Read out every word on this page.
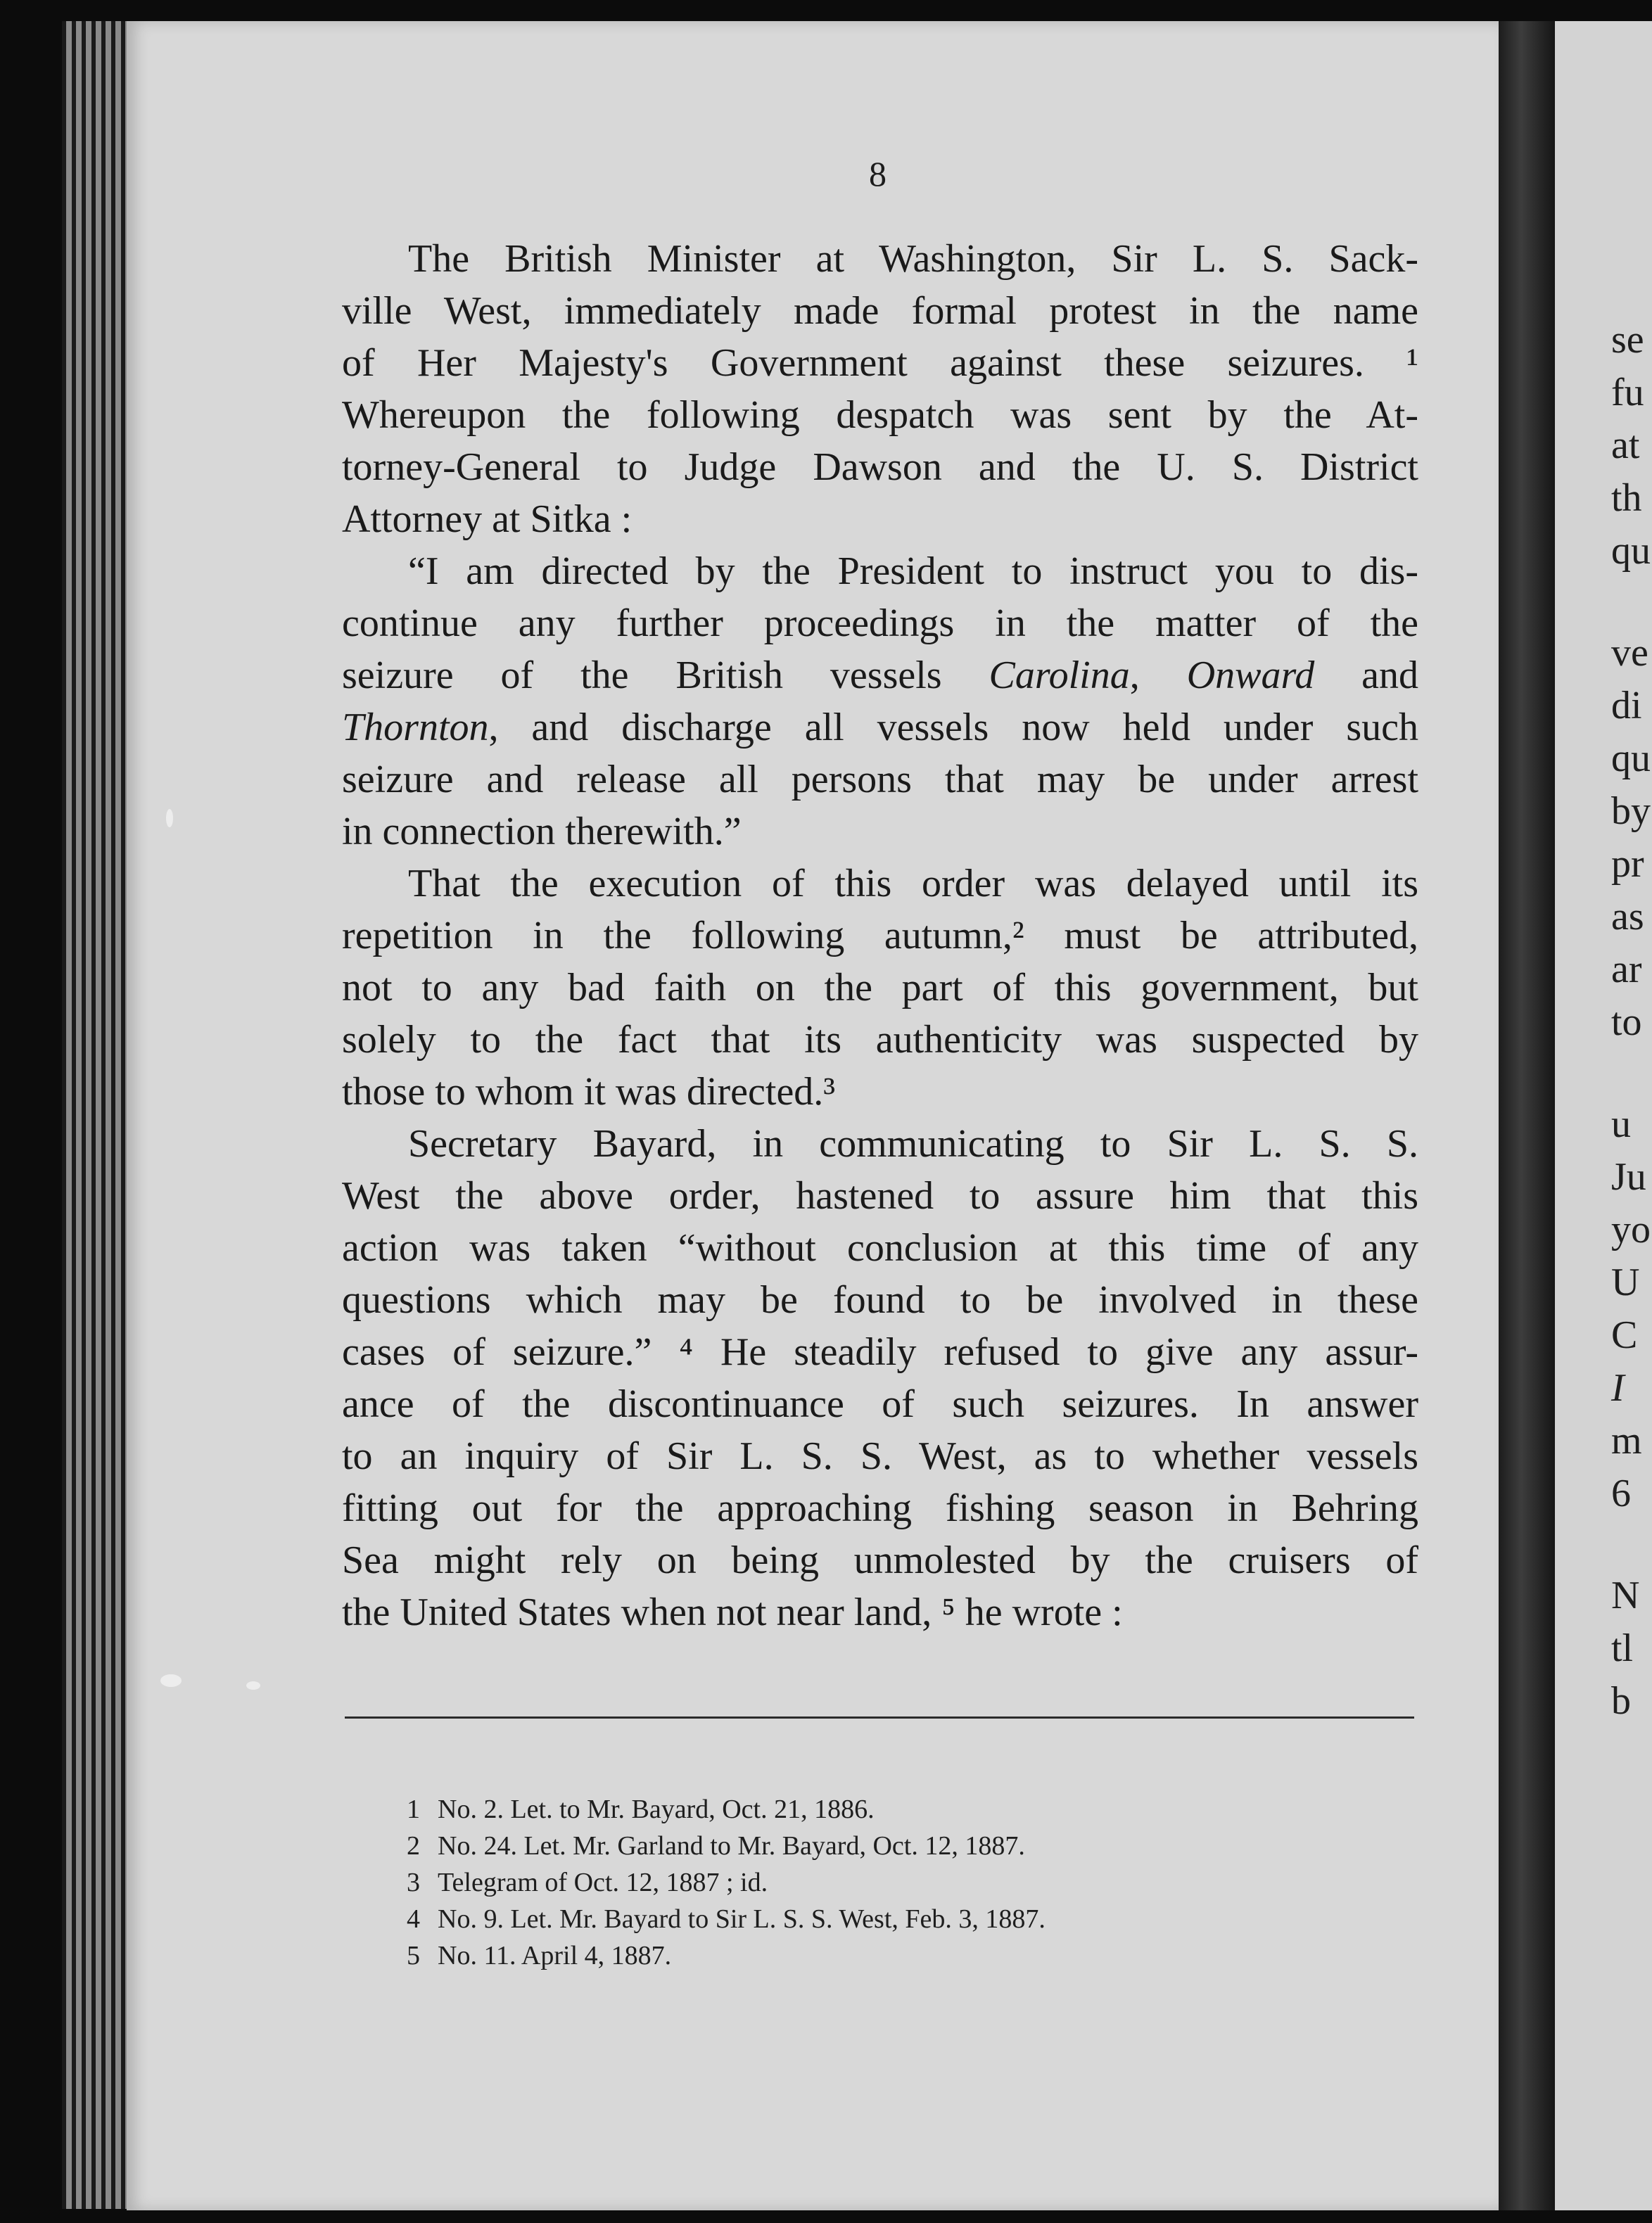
8
The British Minister at Washington, Sir L. S. Sack-
ville West, immediately made formal protest in the name
of Her Majesty's Government against these seizures. ¹
Whereupon the following despatch was sent by the At-
torney-General to Judge Dawson and the U. S. District
Attorney at Sitka :
“I am directed by the President to instruct you to dis-
continue any further proceedings in the matter of the
seizure of the British vessels Carolina, Onward and
Thornton, and discharge all vessels now held under such
seizure and release all persons that may be under arrest
in connection therewith.”
That the execution of this order was delayed until its
repetition in the following autumn,² must be attributed,
not to any bad faith on the part of this government, but
solely to the fact that its authenticity was suspected by
those to whom it was directed.³
Secretary Bayard, in communicating to Sir L. S. S.
West the above order, hastened to assure him that this
action was taken “without conclusion at this time of any
questions which may be found to be involved in these
cases of seizure.” ⁴ He steadily refused to give any assur-
ance of the discontinuance of such seizures. In answer
to an inquiry of Sir L. S. S. West, as to whether vessels
fitting out for the approaching fishing season in Behring
Sea might rely on being unmolested by the cruisers of
the United States when not near land, ⁵ he wrote :
1 No. 2. Let. to Mr. Bayard, Oct. 21, 1886.
2 No. 24. Let. Mr. Garland to Mr. Bayard, Oct. 12, 1887.
3 Telegram of Oct. 12, 1887 ; id.
4 No. 9. Let. Mr. Bayard to Sir L. S. S. West, Feb. 3, 1887.
5 No. 11. April 4, 1887.
se
fu
at
th
qu
ve
di
qu
by
pr
as
ar
to
u
Ju
yo
U
C
I
m
6
N
tl
b
